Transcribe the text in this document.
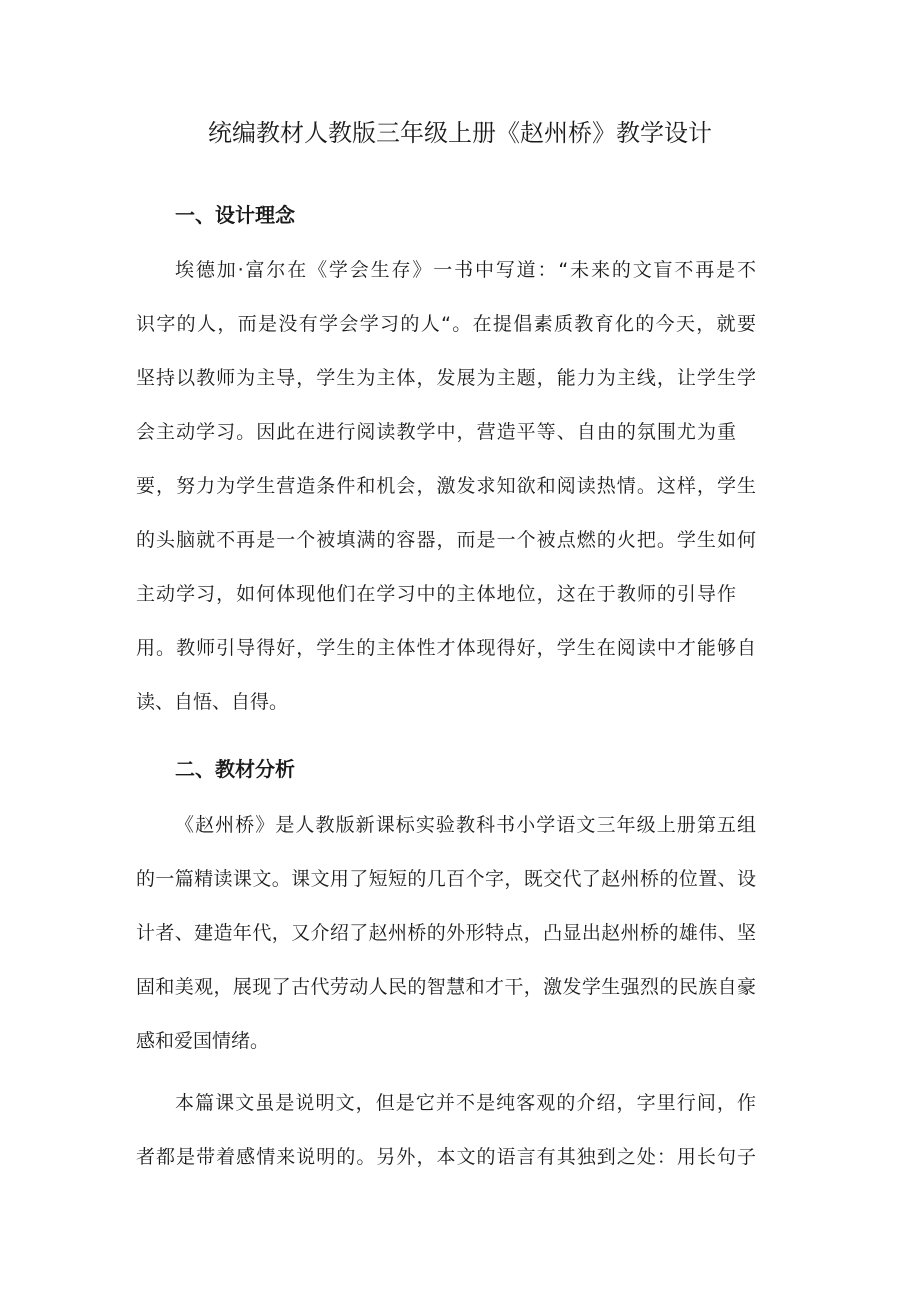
统编教材人教版三年级上册《赵州桥》教学设计
一、设计理念

埃德加·富尔在《学会生存》一书中写道：“未来的文盲不再是不

识字的人，而是没有学会学习的人“。在提倡素质教育化的今天，就要

坚持以教师为主导，学生为主体，发展为主题，能力为主线，让学生学

会主动学习。因此在进行阅读教学中，营造平等、自由的氛围尤为重

要，努力为学生营造条件和机会，激发求知欲和阅读热情。这样，学生

的头脑就不再是一个被填满的容器，而是一个被点燃的火把。学生如何

主动学习，如何体现他们在学习中的主体地位，这在于教师的引导作

用。教师引导得好，学生的主体性才体现得好，学生在阅读中才能够自

读、自悟、自得。

二、教材分析

《赵州桥》是人教版新课标实验教科书小学语文三年级上册第五组

的一篇精读课文。课文用了短短的几百个字，既交代了赵州桥的位置、设

计者、建造年代，又介绍了赵州桥的外形特点，凸显出赵州桥的雄伟、坚

固和美观，展现了古代劳动人民的智慧和才干，激发学生强烈的民族自豪

感和爱国情绪。

本篇课文虽是说明文，但是它并不是纯客观的介绍，字里行间，作

者都是带着感情来说明的。另外，本文的语言有其独到之处：用长句子
